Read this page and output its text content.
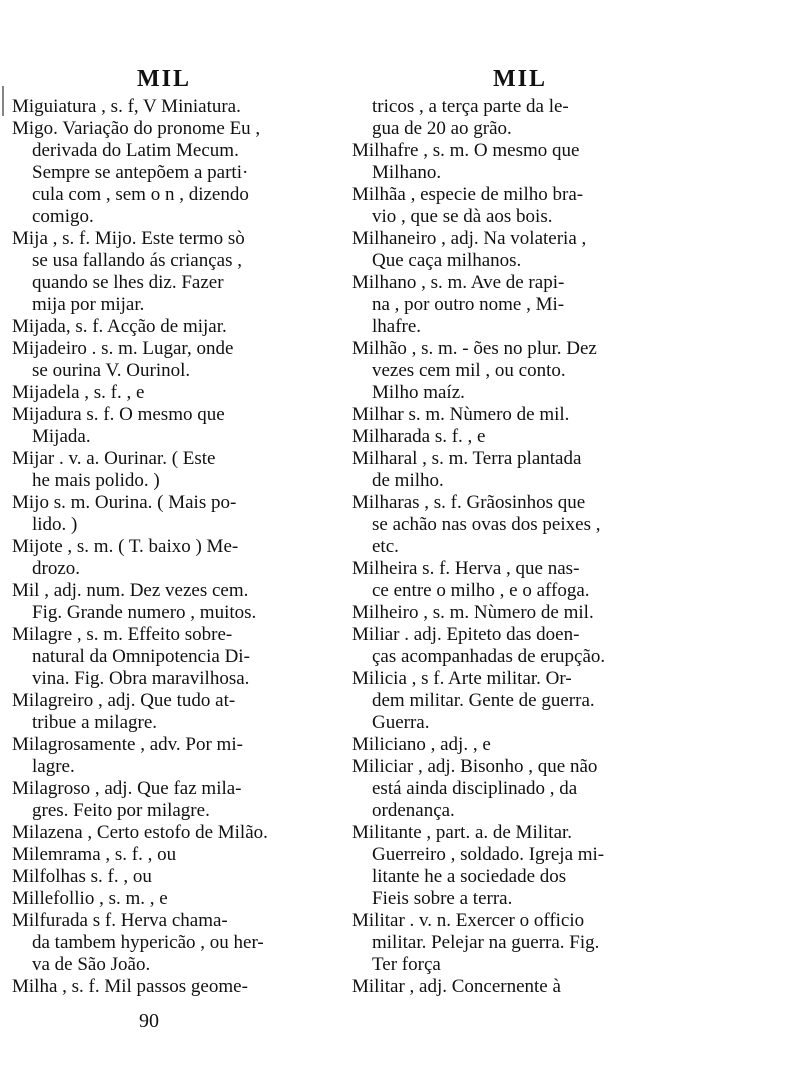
MIL	MIL
Miguiatura , s. f, V Miniatura.
Migo. Variação do pronome Eu ,
derivada do Latim Mecum.
Sempre se antepõem a parti·
cula com , sem o n , dizendo
comigo.
Mija , s. f. Mijo. Este termo sò
se usa fallando ás crianças ,
quando se lhes diz. Fazer
mija por mijar.
Mijada, s. f. Acção de mijar.
Mijadeiro . s. m. Lugar, onde
se ourina V. Ourinol.
Mijadela , s. f. , e
Mijadura s. f. O mesmo que
Mijada.
Mijar . v. a. Ourinar. ( Este
he mais polido. )
Mijo s. m. Ourina. ( Mais po-
lido. )
Mijote , s. m. ( T. baixo ) Me-
drozo.
Mil , adj. num. Dez vezes cem.
Fig. Grande numero , muitos.
Milagre , s. m. Effeito sobre-
natural da Omnipotencia Di-
vina. Fig. Obra maravilhosa.
Milagreiro , adj. Que tudo at-
tribue a milagre.
Milagrosamente , adv. Por mi-
lagre.
Milagroso , adj. Que faz mila-
gres. Feito por milagre.
Milazena , Certo estofo de Milão.
Milemrama , s. f. , ou
Milfolhas s. f. , ou
Millefollio , s. m. , e
Milfurada s f. Herva chama-
da tambem hypericão , ou her-
va de São João.
Milha , s. f. Mil passos geome-
tricos , a terça parte da le-
gua de 20 ao grão.
Milhafre , s. m. O mesmo que
Milhano.
Milhãa , especie de milho bra-
vio , que se dà aos bois.
Milhaneiro , adj. Na volateria ,
Que caça milhanos.
Milhano , s. m. Ave de rapi-
na , por outro nome , Mi-
lhafre.
Milhão , s. m. - ões no plur. Dez
vezes cem mil , ou conto.
Milho maíz.
Milhar s. m. Nùmero de mil.
Milharada s. f. , e
Milharal , s. m. Terra plantada
de milho.
Milharas , s. f. Grãosinhos que
se achão nas ovas dos peixes ,
etc.
Milheira s. f. Herva , que nas-
ce entre o milho , e o affoga.
Milheiro , s. m. Nùmero de mil.
Miliar . adj. Epiteto das doen-
ças acompanhadas de erupção.
Milicia , s f. Arte militar. Or-
dem militar. Gente de guerra.
Guerra.
Miliciano , adj. , e
Miliciar , adj. Bisonho , que não
está ainda disciplinado , da
ordenança.
Militante , part. a. de Militar.
Guerreiro , soldado. Igreja mi-
litante he a sociedade dos
Fieis sobre a terra.
Militar . v. n. Exercer o officio
militar. Pelejar na guerra. Fig.
Ter força
Militar , adj. Concernente à
90
